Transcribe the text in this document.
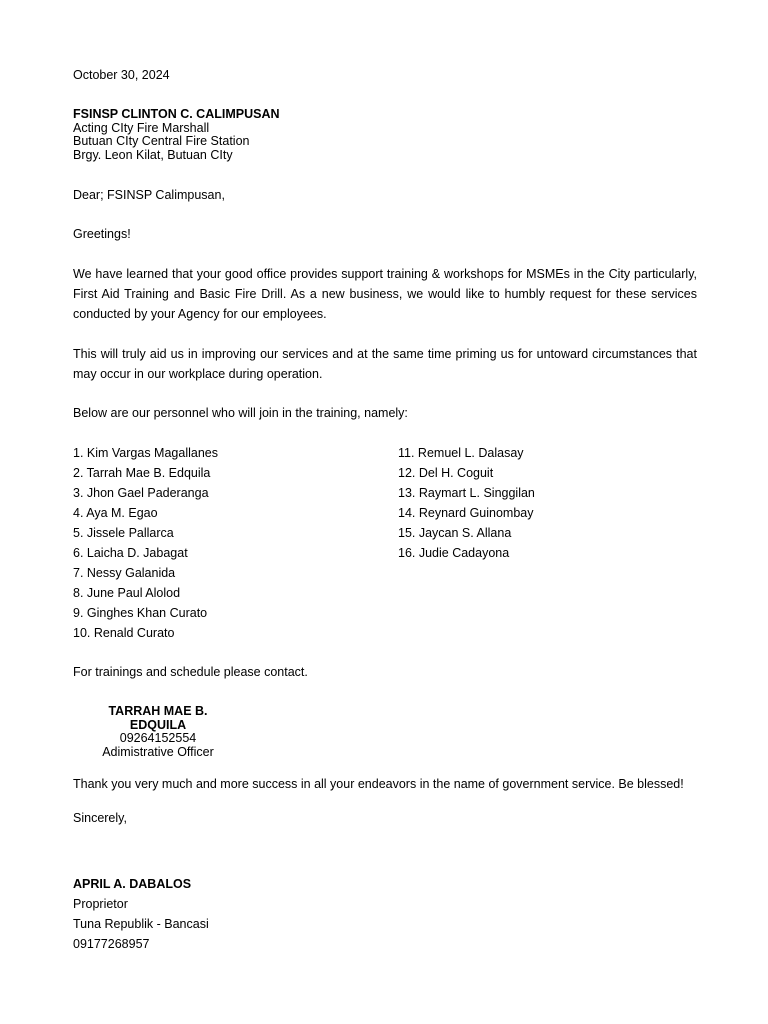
October 30, 2024
FSINSP CLINTON C. CALIMPUSAN
Acting CIty Fire Marshall
Butuan CIty Central Fire Station
Brgy. Leon Kilat, Butuan CIty
Dear; FSINSP Calimpusan,
Greetings!
We have learned that your good office provides support training & workshops for MSMEs in the City particularly, First Aid Training and Basic Fire Drill. As a new business, we would like to humbly request for these services conducted by your Agency for our employees.
This will truly aid us in improving our services and at the same time priming us for untoward circumstances that may occur in our workplace during operation.
Below are our personnel who will join in the training, namely:
1. Kim Vargas Magallanes
2. Tarrah Mae B. Edquila
3. Jhon Gael Paderanga
4. Aya M. Egao
5. Jissele Pallarca
6. Laicha D. Jabagat
7. Nessy Galanida
8. June Paul Alolod
9. Ginghes Khan Curato
10. Renald Curato
11. Remuel L. Dalasay
12. Del H. Coguit
13. Raymart L. Singgilan
14. Reynard Guinombay
15. Jaycan S. Allana
16. Judie Cadayona
For trainings and schedule please contact.
TARRAH MAE B. EDQUILA
09264152554
Adimistrative Officer
Thank you very much and more success in all your endeavors in the name of government service. Be blessed!
Sincerely,
APRIL A. DABALOS
Proprietor
Tuna Republik - Bancasi
09177268957
